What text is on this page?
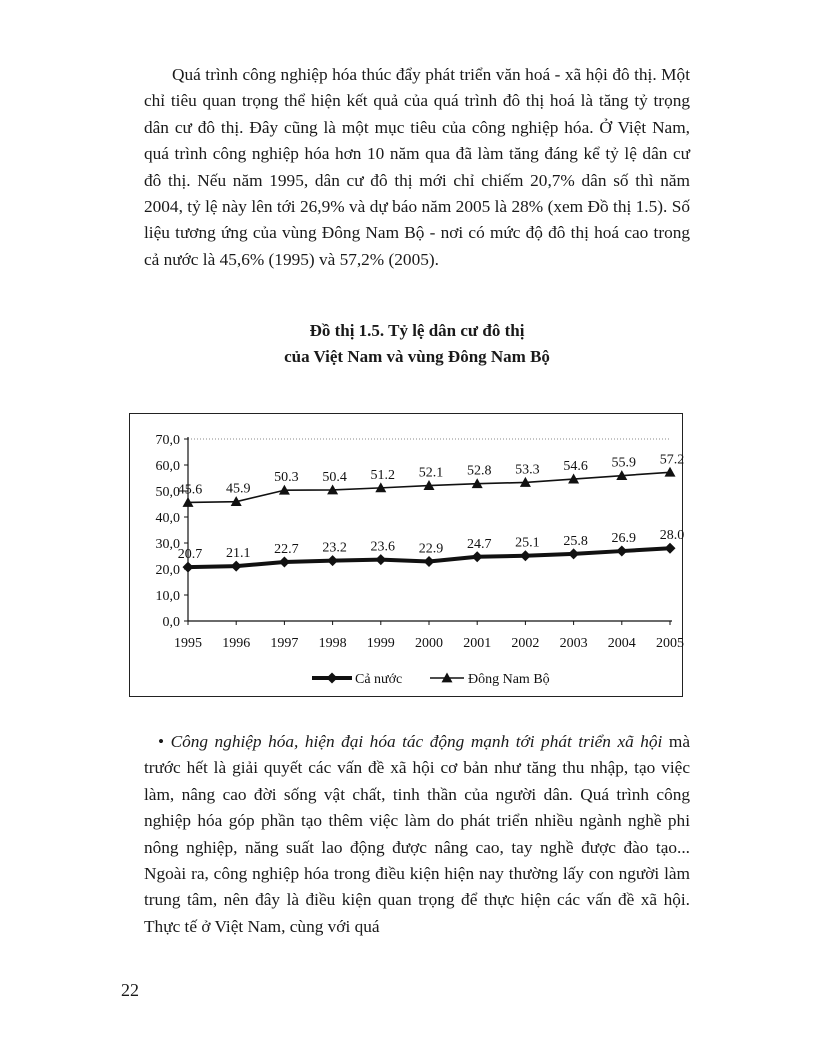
Quá trình công nghiệp hóa thúc đẩy phát triển văn hoá - xã hội đô thị. Một chỉ tiêu quan trọng thể hiện kết quả của quá trình đô thị hoá là tăng tỷ trọng dân cư đô thị. Đây cũng là một mục tiêu của công nghiệp hóa. Ở Việt Nam, quá trình công nghiệp hóa hơn 10 năm qua đã làm tăng đáng kể tỷ lệ dân cư đô thị. Nếu năm 1995, dân cư đô thị mới chỉ chiếm 20,7% dân số thì năm 2004, tỷ lệ này lên tới 26,9% và dự báo năm 2005 là 28% (xem Đồ thị 1.5). Số liệu tương ứng của vùng Đông Nam Bộ - nơi có mức độ đô thị hoá cao trong cả nước là 45,6% (1995) và 57,2% (2005).

Đồ thị 1.5. Tỷ lệ dân cư đô thị
của Việt Nam và vùng Đông Nam Bộ
0,0
10,0
20,0
30,0
40,0
50,0
60,0
70,0
1995 1996 1997 1998 1999 2000 2001 2002 2003 2004 2005
20.7 21.1 22.7 23.2 23.6 22.9 24.7 25.1 25.8 26.9 28.0
45.6 45.9
50.3 50.4 51.2 52.1 52.8 53.3 54.6 55.9 57.2
Cả nước	Đông Nam Bộ

• Công nghiệp hóa, hiện đại hóa tác động mạnh tới phát triển xã hội mà trước hết là giải quyết các vấn đề xã hội cơ bản như tăng thu nhập, tạo việc làm, nâng cao đời sống vật chất, tinh thần của người dân. Quá trình công nghiệp hóa góp phần tạo thêm việc làm do phát triển nhiều ngành nghề phi nông nghiệp, năng suất lao động được nâng cao, tay nghề được đào tạo... Ngoài ra, công nghiệp hóa trong điều kiện hiện nay thường lấy con người làm trung tâm, nên đây là điều kiện quan trọng để thực hiện các vấn đề xã hội. Thực tế ở Việt Nam, cùng với quá

22
